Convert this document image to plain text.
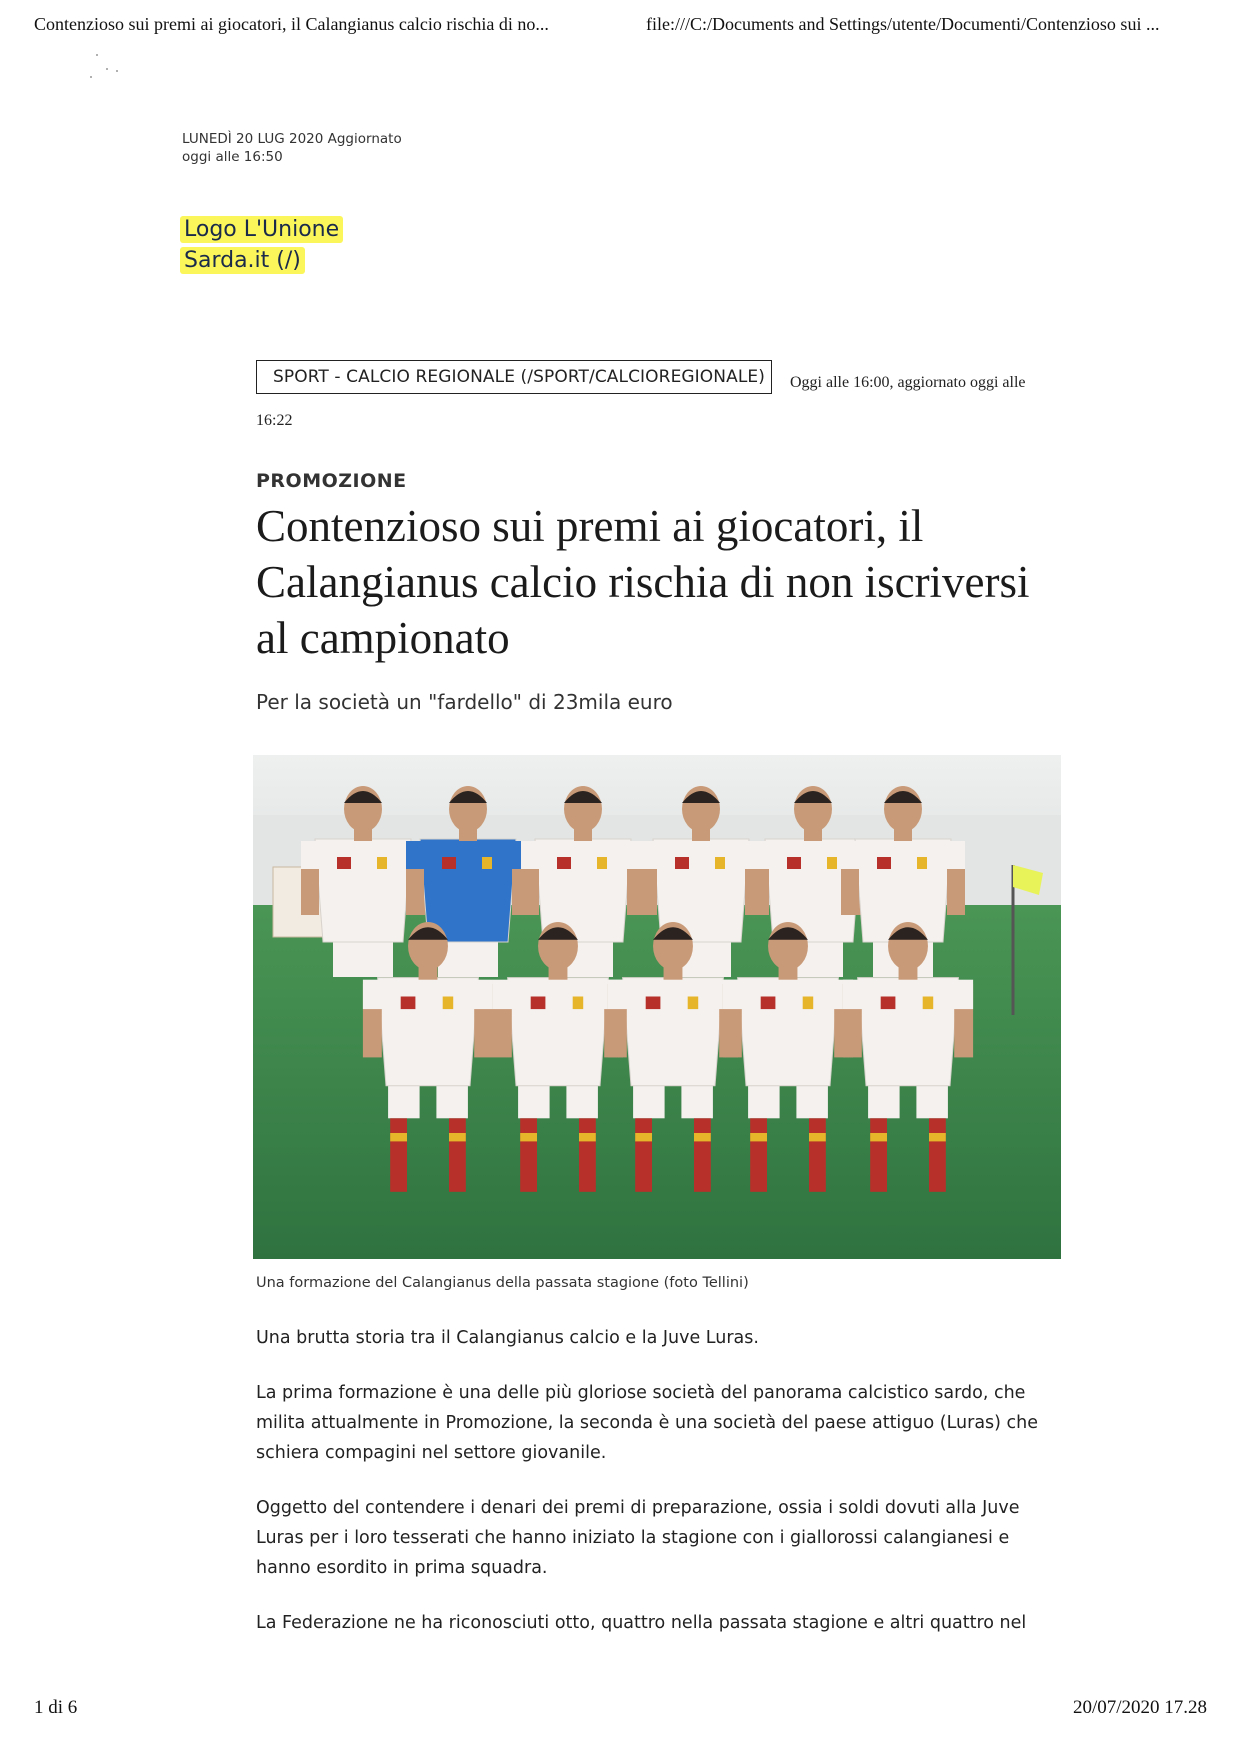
Contenzioso sui premi ai giocatori, il Calangianus calcio rischia di no...	file:///C:/Documents and Settings/utente/Documenti/Contenzioso sui ...
LUNEDÌ 20 LUG 2020 Aggiornato
oggi alle 16:50
Logo L'Unione
Sarda.it (/)
SPORT - CALCIO REGIONALE (/SPORT/CALCIOREGIONALE) Oggi alle 16:00, aggiornato oggi alle
16:22
PROMOZIONE
Contenzioso sui premi ai giocatori, il Calangianus calcio rischia di non iscriversi al campionato
Per la società un "fardello" di 23mila euro
Una formazione del Calangianus della passata stagione (foto Tellini)

Una brutta storia tra il Calangianus calcio e la Juve Luras.

La prima formazione è una delle più gloriose società del panorama calcistico sardo, che milita attualmente in Promozione, la seconda è una società del paese attiguo (Luras) che schiera compagini nel settore giovanile.

Oggetto del contendere i denari dei premi di preparazione, ossia i soldi dovuti alla Juve Luras per i loro tesserati che hanno iniziato la stagione con i giallorossi calangianesi e hanno esordito in prima squadra.

La Federazione ne ha riconosciuti otto, quattro nella passata stagione e altri quattro nel

1 di 6	20/07/2020 17.28
